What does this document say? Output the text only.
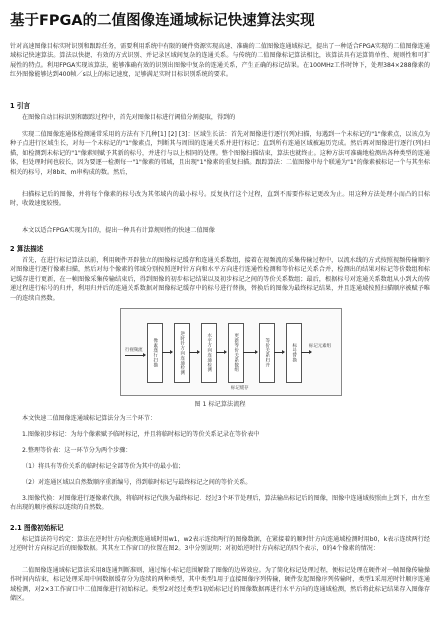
基于FPGA的二值图像连通域标记快速算法实现
针对高速图像目标实时识别和跟踪任务，需要利用系统中有限的硬件资源实现高速、准确的二值图像连通域标记，提出了一种适合FPGA实现的二值图像连通域标记快速算法。算法以快捷、有效的方式识别、并记录区域间复杂的连通关系。与传统的二值图像标记算法相比，该算法具有运算简单性、规则性和可扩展性的特点。利用FPGA实现该算法，能够准确有效的识别出图像中复杂的连通关系，产生正确的标记结果。在100MHz工作时钟下，处理384×288像素的红外图像能够达到400帧／s以上的标记速度，足够满足实时目标识别系统的要求。
1 引言
在图像自动目标识别和跟踪过程中，首先对图像目标进行阈值分割提取，得到的
实现二值图像连通体检测通常采用的方法有下几种[1] [2] [3]：区域生长法：首先对图像进行逐行(列)扫描，每遇到一个未标记的"1"像素点，以该点为种子点进行区域生长，对每一个未标记的"1"像素点，判断其与周围的连通关系并进行标记；直到所有连通区域被遍历完成。然后再对图像进行逐行(列)扫描，如检测到未标记的"1"像素则赋予其新的标号，并进行与以上相同的处理。整个图像扫描结束，算法也就终止。这种方法可准确地检测出各种类型的连通体，但处理时间也较长，因为要逐一检测每一"1"像素的邻域，且出现"1"像素的重复扫描。跟踪算法：二值图像中每个联通为"1"的像素被标记一个与其坐标相关的标号，对8bit、m串构成的数。然后，
扫描标记后的图像，并将每个像素的标号改为其邻域内的最小标号。反复执行这个过程，直到不需要作标记更改为止。用这种方法处理小而凸的目标时，收敛速度较慢。
本文以适合FPGA实现为目的，提出一种具有计算规则性的快速二值图像
2 算法描述
首先，在进行标记算法以前，利用硬件开辟独立的图像标记缓存和连通关系数组，接着在视频流的采集传输过程中，以流水线的方式按照视频传输顺序对图像进行逐行像素扫描，然后对每个像素的邻域分别按照逆时针方向和水平方向进行连通性检测和等价标记关系合并，检测出的结果对标记等价数组和标记缓存进行更新，在一帧图像采集传输结束后，得到图像的初步标记结果以及初步标记之间的等价关系数组；最后，根据标号对连通关系数组从小到大的传递过程进行标号的归并，利用归并后的连通关系数据对图像标记缓存中的标号进行替换，替换后的图像为最终标记结果，并且连通域按照扫描顺序被赋予唯一的连续自然数。
行视频流	像素逐行扫描	逆时针方向连通检测	水平方向连通检测	更新等价关系数组
标记缓存
等价关系归并	标号替换	标记元素组
图 1 标记算法流程
本文快速二值图像连通域标记算法分为三个环节：
1.图像初步标记：为每个像素赋予临时标记，并且将临时标记的等价关系记录在等价表中
2.整理等价表：这一环节分为两个步骤：
（1）将具有等价关系的临时标记全部等价为其中的最小值；
（2）对连通区域以自然数顺序重新编号，得到临时标记与最终标记之间的等价关系。
3.图像代换：对图像进行逐像素代换，将临时标记代换为最终标记．经过3个环节处理后，算法输出标记后的图像，图像中连通域按照由上到下，由左至右出现的顺序被标以连续的自然数。
2.1 图像初始标记
标记算法符号约定：算法在逆时针方向检测连通域时用w1，w2表示连续两行的图像数据，在紧接着的顺时针方向连通域检测时用b0，k表示连续两行经过逆时针方向标记后的图像数据。其其左工作窗口的位置在图2。3中分别说明；对初始逆时针方向标记的四个表示，0的4个像素的情况：
二值图像连通域标记算法采用8连通判断准则，通过缩小标记范围解除了图像的边界效应。为了简化标记处理过程，便标记处理在硬件对一帧图像传输操作时间内结束，标记处理采用中间数据缓存分为连续的两种类型，其中类型1用于直接图像序列传输，硬件发起图像序列传输时，类型1采用逆时针顺序连通域检测，对2×3工作窗口中二值图像进行初始标记。类型2对经过类型1初始标记过的图像数据再进行水平方向的连通域检测，然后将此标记结果存入图像存储区。
